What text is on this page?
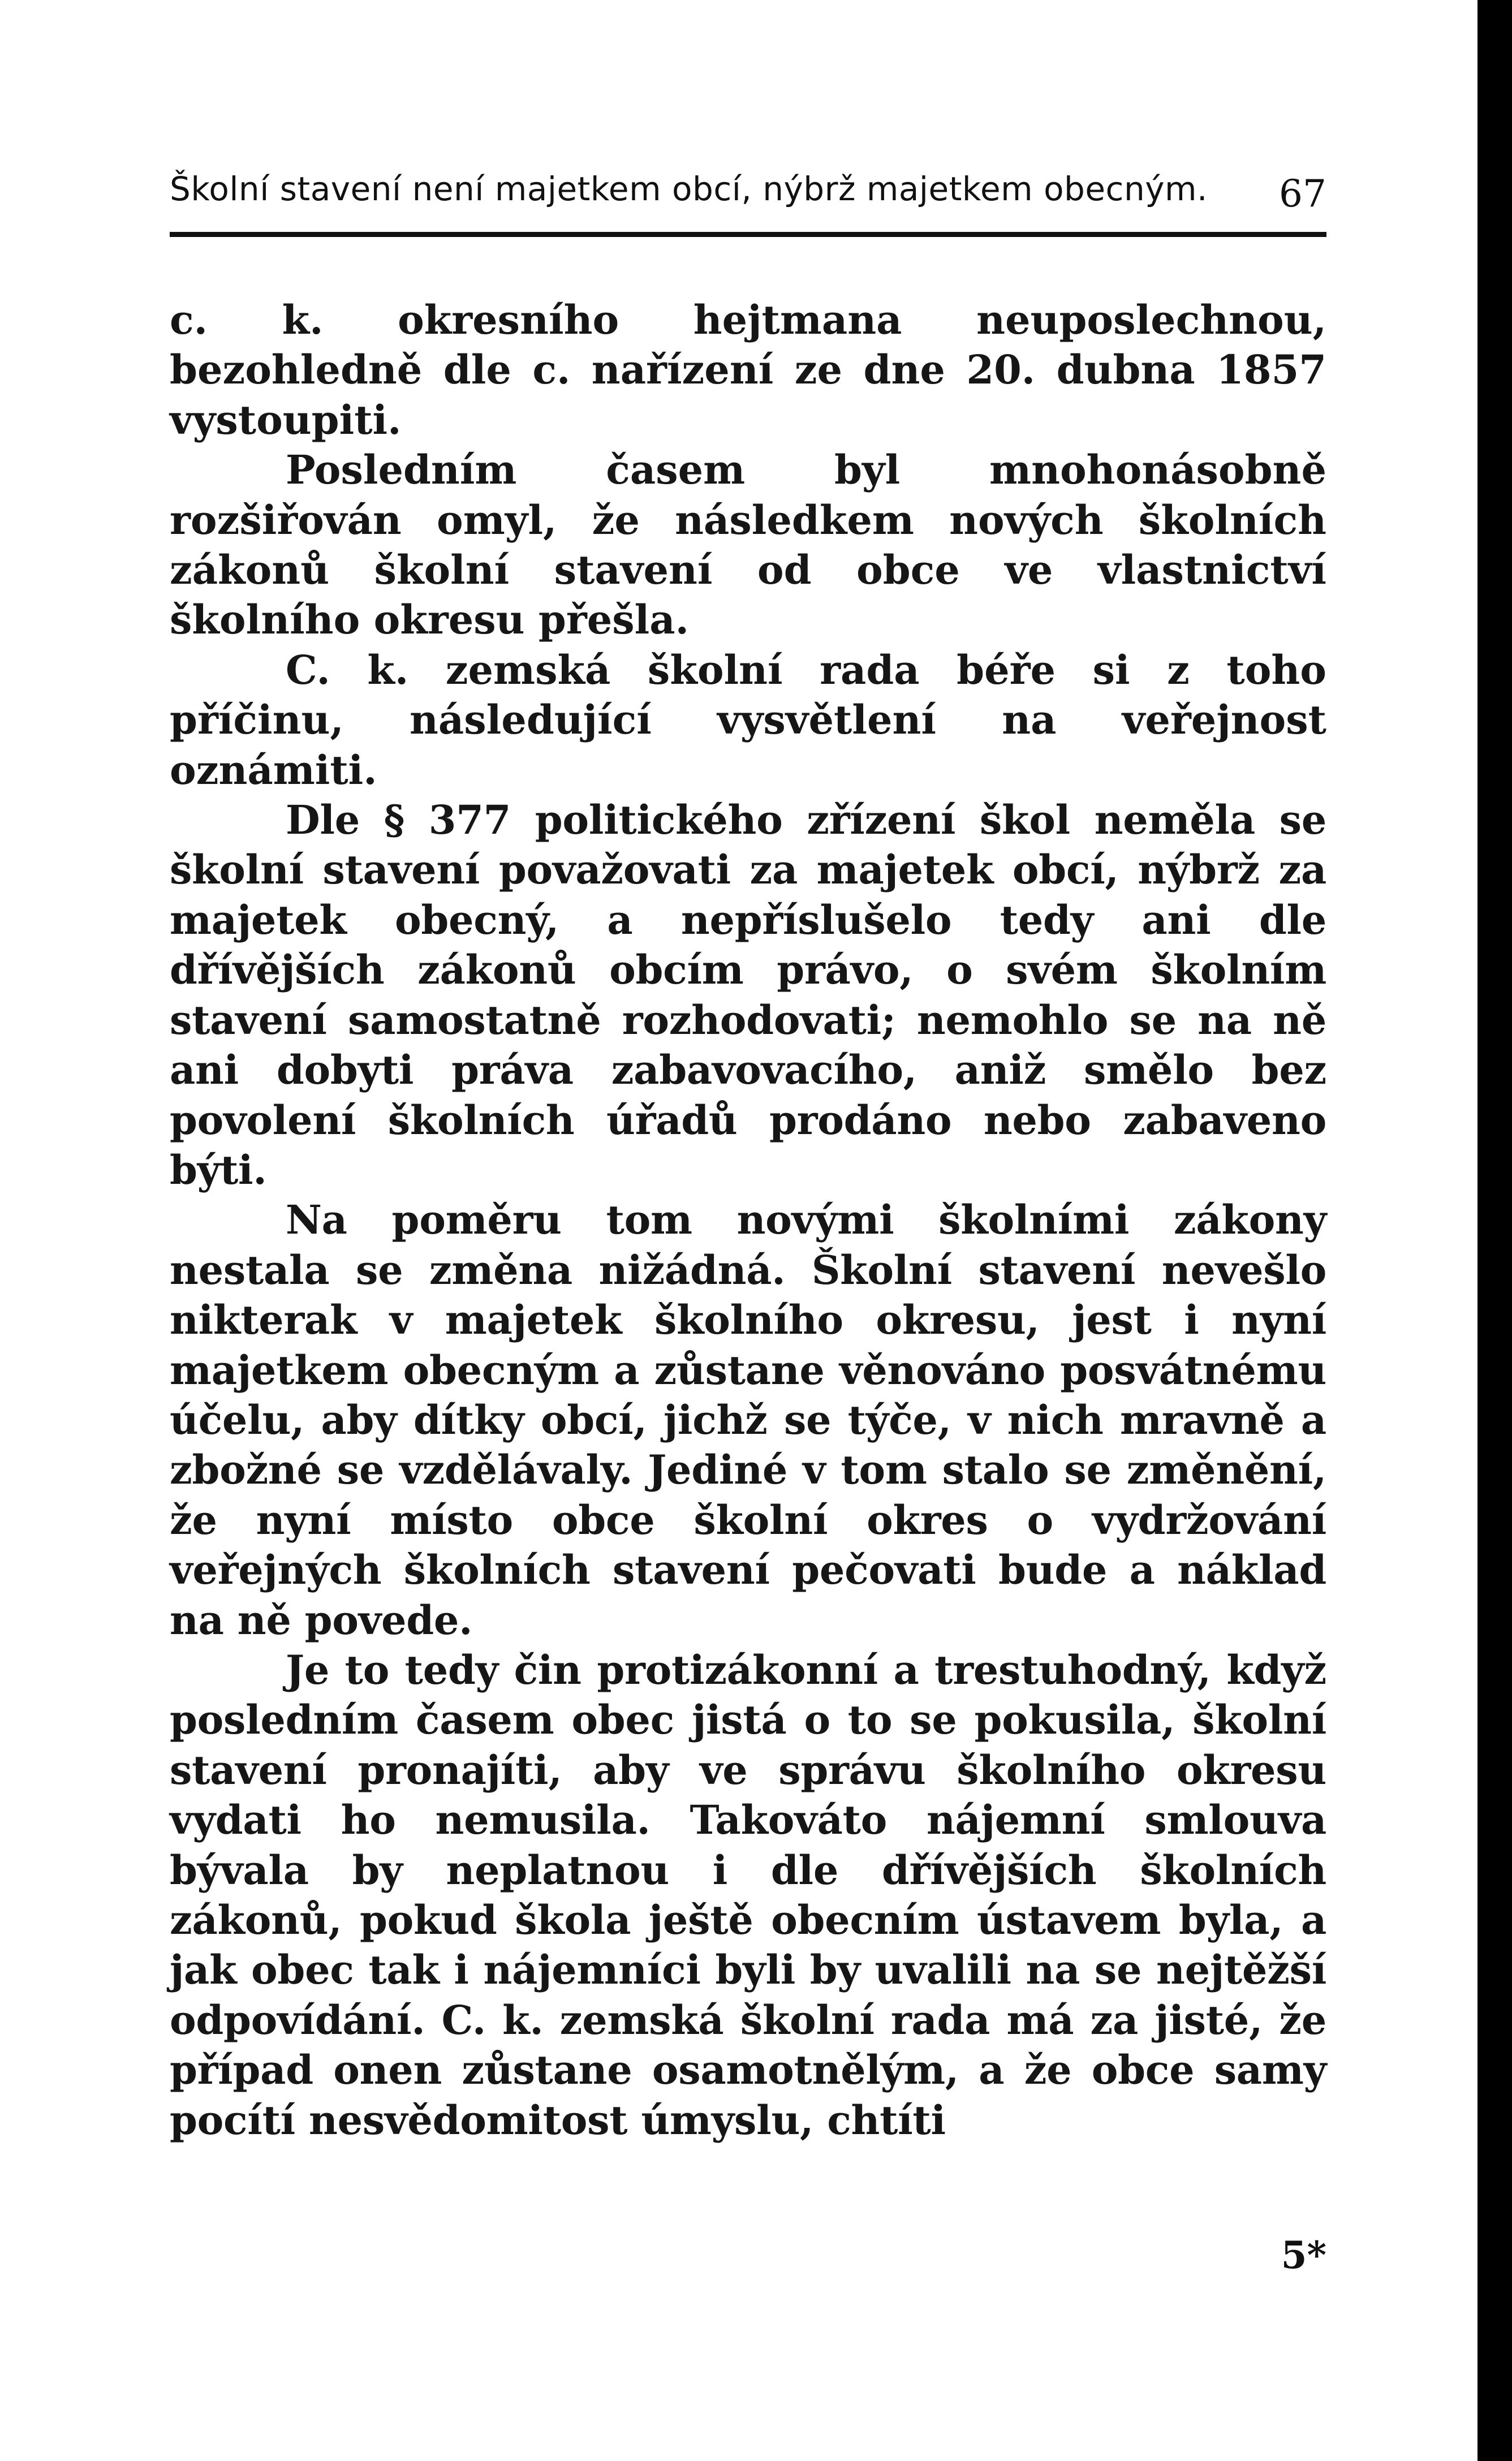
Školní stavení není majetkem obcí, nýbrž majetkem obecným. 67

c. k. okresního hejtmana neuposlechnou, bezohledně dle c. nařízení ze dne 20. dubna 1857 vystoupiti.

Posledním časem byl mnohonásobně rozšiřován omyl, že následkem nových školních zákonů školní stavení od obce ve vlastnictví školního okresu přešla.

C. k. zemská školní rada béře si z toho příčinu, následující vysvětlení na veřejnost oznámiti.

Dle § 377 politického zřízení škol neměla se školní stavení považovati za majetek obcí, nýbrž za majetek obecný, a nepříslušelo tedy ani dle dřívějších zákonů obcím právo, o svém školním stavení samostatně rozhodovati; nemohlo se na ně ani dobyti práva zabavovacího, aniž smělo bez povolení školních úřadů prodáno nebo zabaveno býti.

Na poměru tom novými školními zákony nestala se změna nižádná. Školní stavení nevešlo nikterak v majetek školního okresu, jest i nyní majetkem obecným a zůstane věnováno posvátnému účelu, aby dítky obcí, jichž se týče, v nich mravně a zbožné se vzdělávaly. Jediné v tom stalo se změnění, že nyní místo obce školní okres o vydržování veřejných školních stavení pečovati bude a náklad na ně povede.

Je to tedy čin protizákonní a trestuhodný, když posledním časem obec jistá o to se pokusila, školní stavení pronajíti, aby ve správu školního okresu vydati ho nemusila. Takováto nájemní smlouva bývala by neplatnou i dle dřívějších školních zákonů, pokud škola ještě obecním ústavem byla, a jak obec tak i nájemníci byli by uvalili na se nejtěžší odpovídání. C. k. zemská školní rada má za jisté, že případ onen zůstane osamotnělým, a že obce samy pocítí nesvědomitost úmyslu, chtíti

5*
